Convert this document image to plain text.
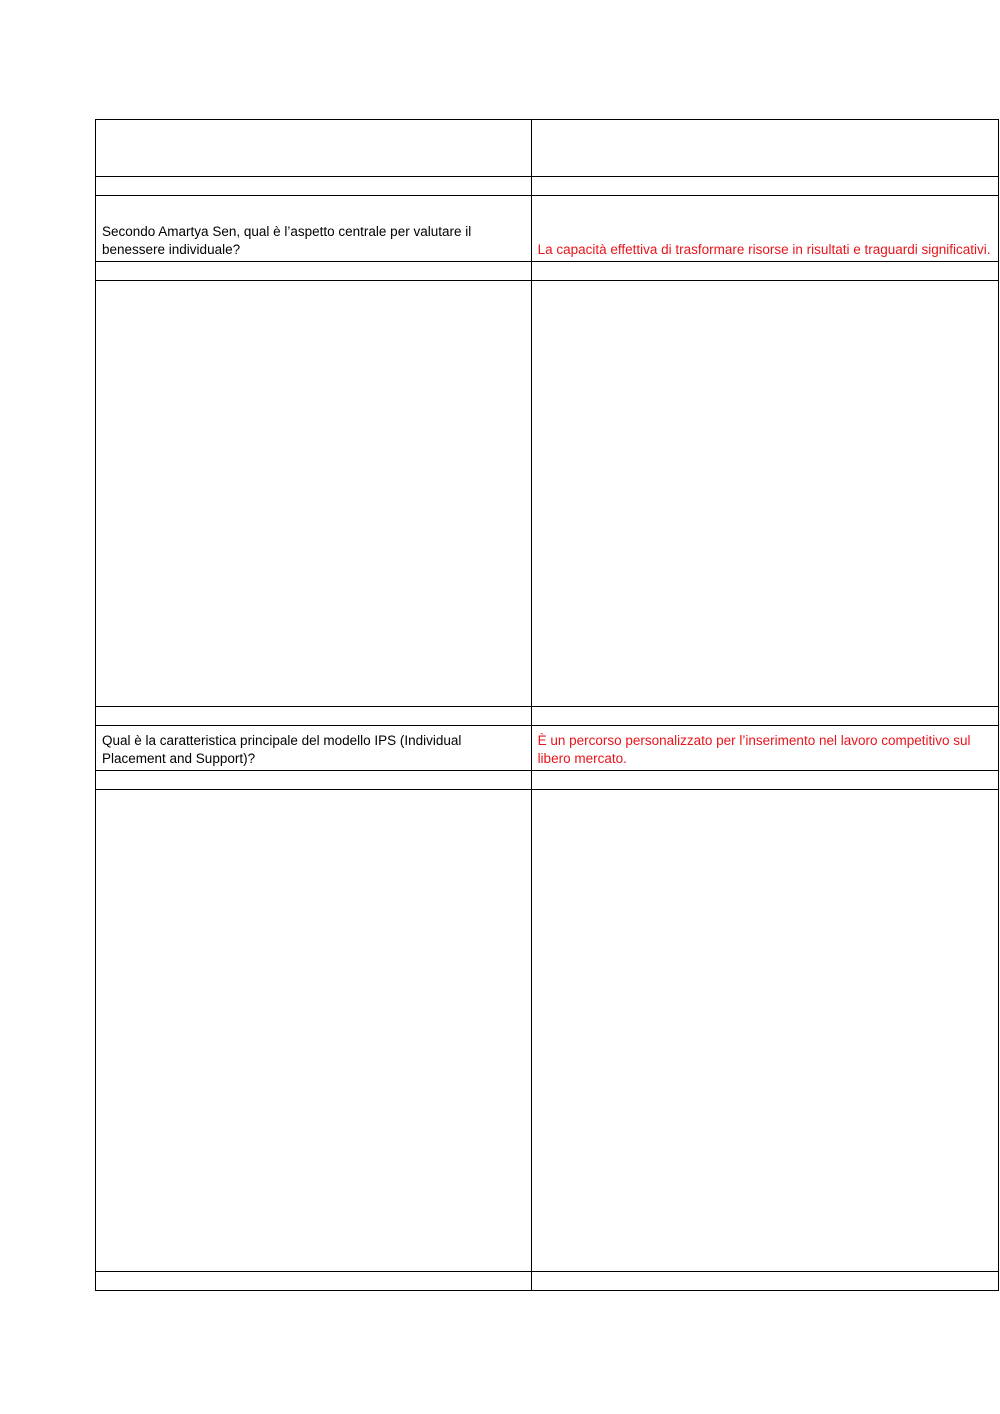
Secondo Amartya Sen, qual è l’aspetto centrale per valutare il benessere individuale?	La capacità effettiva di trasformare risorse in risultati e traguardi significativi.

Qual è la caratteristica principale del modello IPS (Individual Placement and Support)?	È un percorso personalizzato per l’inserimento nel lavoro competitivo sul libero mercato.
